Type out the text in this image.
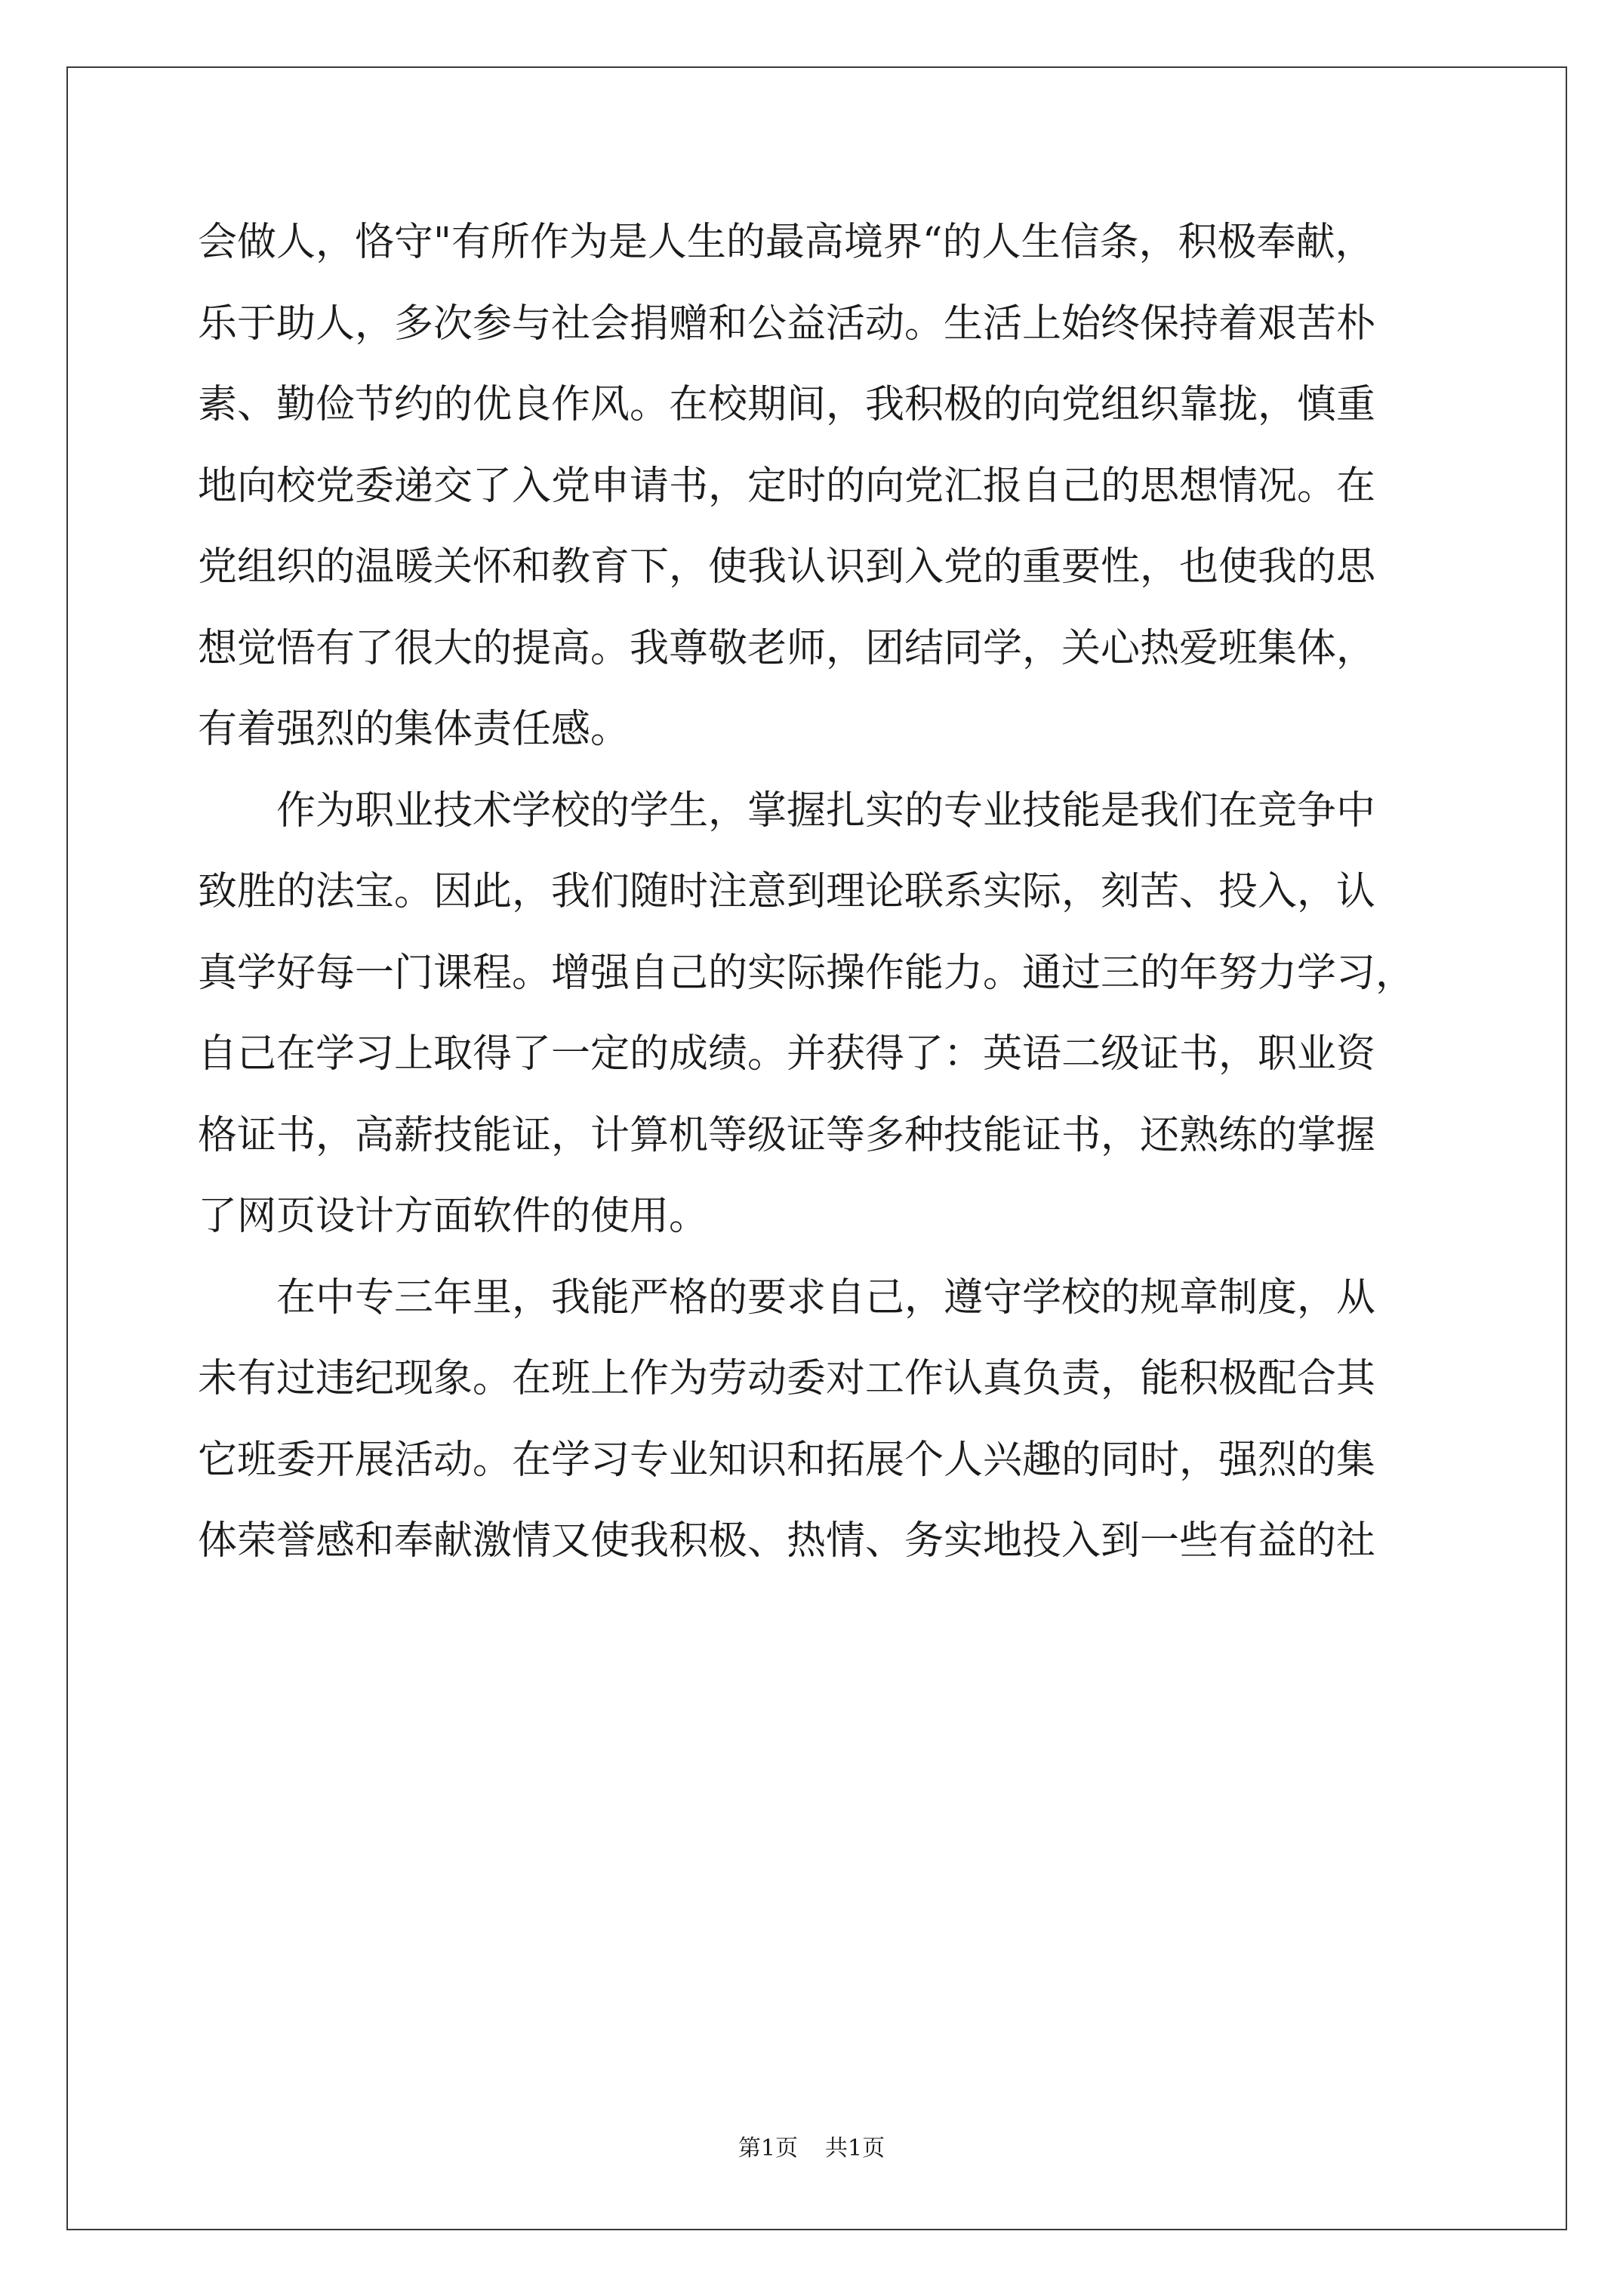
会做人，恪守"有所作为是人生的最高境界“的人生信条，积极奉献，
乐于助人，多次参与社会捐赠和公益活动。生活上始终保持着艰苦朴
素、勤俭节约的优良作风。在校期间，我积极的向党组织靠拢，慎重
地向校党委递交了入党申请书，定时的向党汇报自己的思想情况。在
党组织的温暖关怀和教育下，使我认识到入党的重要性，也使我的思
想觉悟有了很大的提高。我尊敬老师，团结同学，关心热爱班集体，
有着强烈的集体责任感。
　　作为职业技术学校的学生，掌握扎实的专业技能是我们在竞争中
致胜的法宝。因此，我们随时注意到理论联系实际，刻苦、投入，认
真学好每一门课程。增强自己的实际操作能力。通过三的年努力学习，
自己在学习上取得了一定的成绩。并获得了：英语二级证书，职业资
格证书，高薪技能证，计算机等级证等多种技能证书，还熟练的掌握
了网页设计方面软件的使用。
　　在中专三年里，我能严格的要求自己，遵守学校的规章制度，从
未有过违纪现象。在班上作为劳动委对工作认真负责，能积极配合其
它班委开展活动。在学习专业知识和拓展个人兴趣的同时，强烈的集
体荣誉感和奉献激情又使我积极、热情、务实地投入到一些有益的社
第1页 共1页
